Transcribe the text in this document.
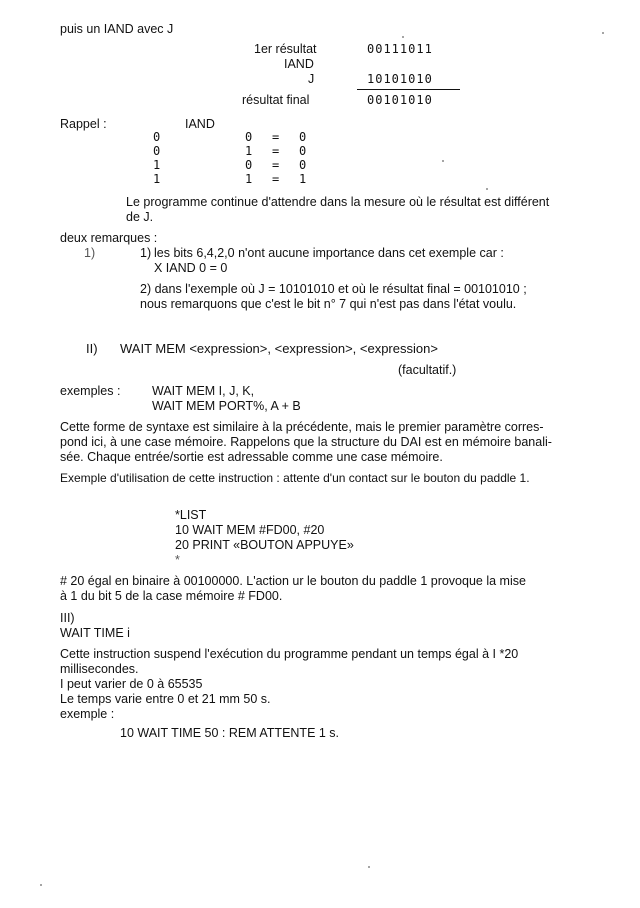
puis un IAND avec J
1er résultat	00111011
IAND
J	10101010
résultat final	00101010
Rappel :	IAND
0	0 = 0
0	1 = 0
1	0 = 0
1	1 = 1
Le programme continue d'attendre dans la mesure où le résultat est différent
de J.
deux remarques :
1)	1) les bits 6,4,2,0 n'ont aucune importance dans cet exemple car :
X IAND 0 = 0
2) dans l'exemple où J = 10101010 et où le résultat final = 00101010 ;
nous remarquons que c'est le bit n° 7 qui n'est pas dans l'état voulu.
II) WAIT MEM <expression>, <expression>, <expression>
(facultatif.)
exemples :	WAIT MEM I, J, K,
WAIT MEM PORT%, A + B
Cette forme de syntaxe est similaire à la précédente, mais le premier paramètre corres-
pond ici, à une case mémoire. Rappelons que la structure du DAI est en mémoire banali-
sée. Chaque entrée/sortie est adressable comme une case mémoire.
Exemple d'utilisation de cette instruction : attente d'un contact sur le bouton du paddle 1.
*LIST
10 WAIT MEM #FD00, #20
20 PRINT «BOUTON APPUYE»
*
# 20 égal en binaire à 00100000. L'action ur le bouton du paddle 1 provoque la mise
à 1 du bit 5 de la case mémoire # FD00.
III)
WAIT TIME i
Cette instruction suspend l'exécution du programme pendant un temps égal à I *20
millisecondes.
I peut varier de 0 à 65535
Le temps varie entre 0 et 21 mm 50 s.
exemple :
10 WAIT TIME 50 : REM ATTENTE 1 s.
